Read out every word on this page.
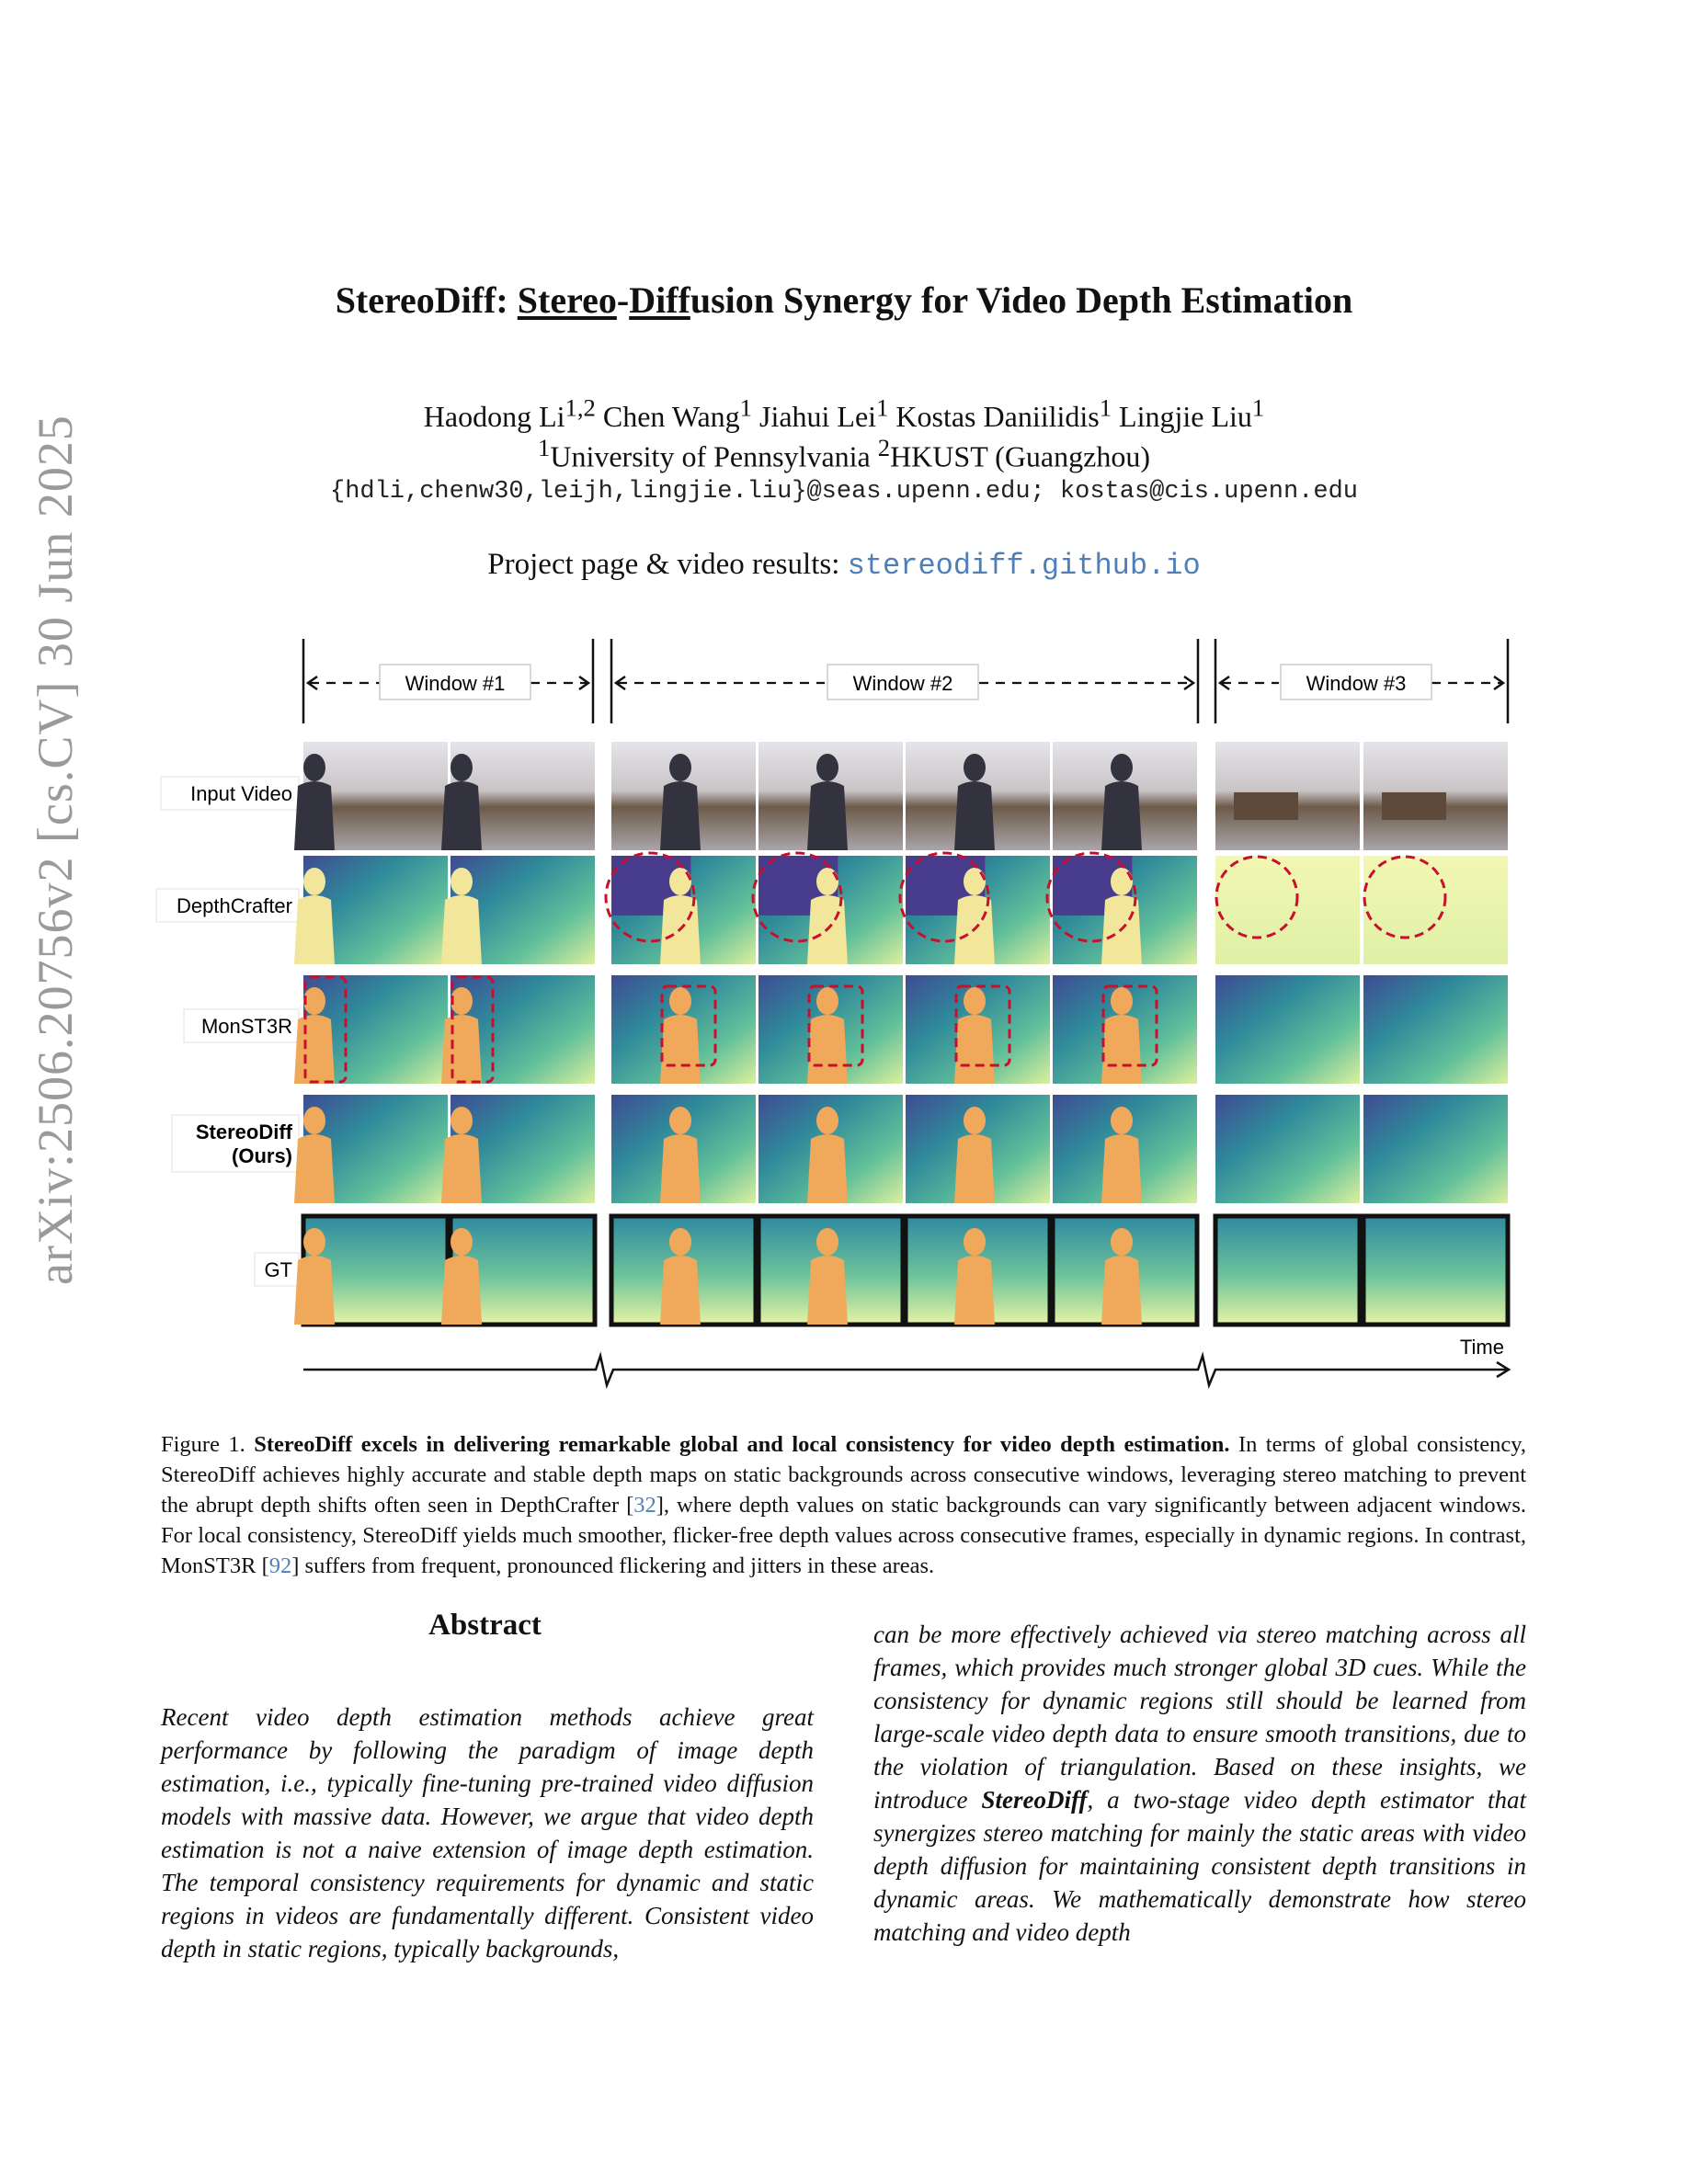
arXiv:2506.20756v2 [cs.CV] 30 Jun 2025
StereoDiff: Stereo-Diffusion Synergy for Video Depth Estimation
Haodong Li$^{1,2}$ Chen Wang$^1$ Jiahui Lei$^1$ Kostas Daniilidis$^1$ Lingjie Liu$^1$
$^1$University of Pennsylvania $^2$HKUST (Guangzhou)
{hdli,chenw30,leijh,lingjie.liu}@seas.upenn.edu; kostas@cis.upenn.edu
Project page & video results: stereodiff.github.io
Window #1	Window #2	Window #3
Input Video
DepthCrafter
MonST3R
StereoDiff
(Ours)
GT
Time
Figure 1. StereoDiff excels in delivering remarkable global and local consistency for video depth estimation. In terms of global consistency, StereoDiff achieves highly accurate and stable depth maps on static backgrounds across consecutive windows, leveraging stereo matching to prevent the abrupt depth shifts often seen in DepthCrafter [32], where depth values on static backgrounds can vary significantly between adjacent windows. For local consistency, StereoDiff yields much smoother, flicker-free depth values across consecutive frames, especially in dynamic regions. In contrast, MonST3R [92] suffers from frequent, pronounced flickering and jitters in these areas.
Abstract
Recent video depth estimation methods achieve great performance by following the paradigm of image depth estimation, i.e., typically fine-tuning pre-trained video diffusion models with massive data. However, we argue that video depth estimation is not a naive extension of image depth estimation. The temporal consistency requirements for dynamic and static regions in videos are fundamentally different. Consistent video depth in static regions, typically backgrounds,
can be more effectively achieved via stereo matching across all frames, which provides much stronger global 3D cues. While the consistency for dynamic regions still should be learned from large-scale video depth data to ensure smooth transitions, due to the violation of triangulation. Based on these insights, we introduce StereoDiff, a two-stage video depth estimator that synergizes stereo matching for mainly the static areas with video depth diffusion for maintaining consistent depth transitions in dynamic areas. We mathematically demonstrate how stereo matching and video depth
